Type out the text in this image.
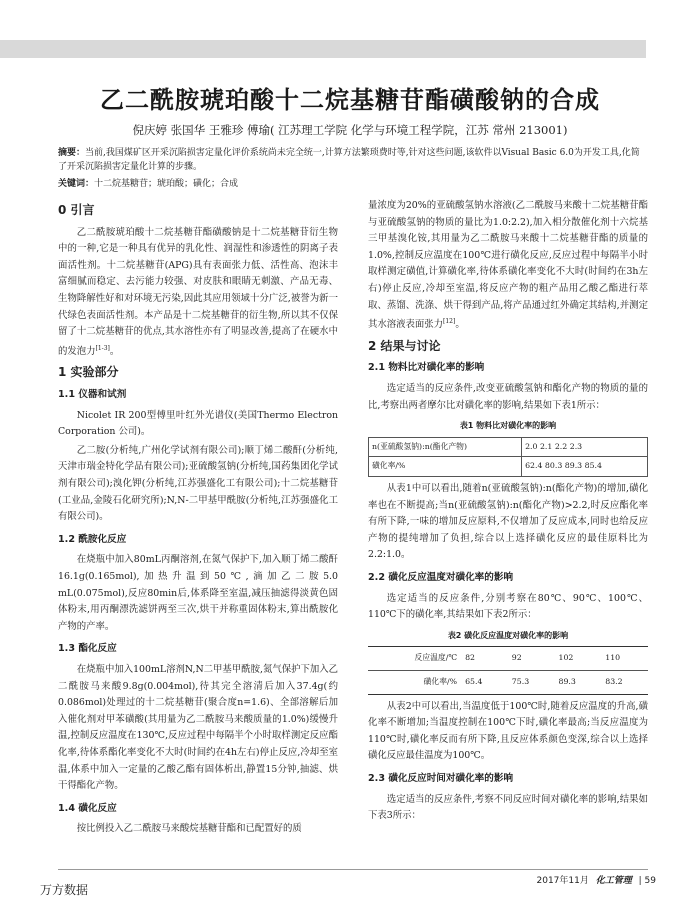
乙二酰胺琥珀酸十二烷基糖苷酯磺酸钠的合成
倪庆婷 张国华 王雅珍 傅瑜( 江苏理工学院 化学与环境工程学院，江苏 常州 213001)
摘要：当前,我国煤矿区开采沉陷损害定量化评价系统尚未完全统一,计算方法繁琐费时等,针对这些问题,该软件以Visual Basic 6.0为开发工具,化简了开采沉陷损害定量化计算的步骤。
关键词：十二烷基糖苷；琥珀酸；磺化；合成
0 引言

乙二酰胺琥珀酸十二烷基糖苷酯磺酸钠是十二烷基糖苷衍生物中的一种,它是一种具有优异的乳化性、润湿性和渗透性的阴离子表面活性剂。十二烷基糖苷(APG)具有表面张力低、活性高、泡沫丰富细腻而稳定、去污能力较强、对皮肤和眼睛无刺激、产品无毒、生物降解性好和对环境无污染,因此其应用领域十分广泛,被誉为新一代绿色表面活性剂。本产品是十二烷基糖苷的衍生物,所以其不仅保留了十二烷基糖苷的优点,其水溶性亦有了明显改善,提高了在硬水中的发泡力[1-3]。

1 实验部分
1.1 仪器和试剂

Nicolet IR 200型傅里叶红外光谱仪(美国Thermo Electron Corporation 公司)。

乙二胺(分析纯,广州化学试剂有限公司);顺丁烯二酸酐(分析纯,天津市瑞金特化学品有限公司);亚硫酸氢钠(分析纯,国药集团化学试剂有限公司);溴化钾(分析纯,江苏强盛化工有限公司);十二烷基糖苷(工业品,金陵石化研究所);N,N-二甲基甲酰胺(分析纯,江苏强盛化工有限公司)。

1.2 酰胺化反应

在烧瓶中加入80mL丙酮溶剂,在氮气保护下,加入顺丁烯二酸酐16.1g(0.165mol),加热升温到50℃,滴加乙二胺5.0 mL(0.075mol),反应80min后,体系降至室温,减压抽滤得淡黄色固体粉末,用丙酮漂洗滤饼两至三次,烘干并称重固体粉末,算出酰胺化产物的产率。

1.3 酯化反应

在烧瓶中加入100mL溶剂N,N二甲基甲酰胺,氮气保护下加入乙二酰胺马来酸9.8g(0.004mol),待其完全溶清后加入37.4g(约0.086mol)处理过的十二烷基糖苷(聚合度n=1.6)、全部溶解后加入催化剂对甲苯磺酸(其用量为乙二酰胺马来酸质量的1.0%)缓慢升温,控制反应温度在130℃,反应过程中每隔半个小时取样测定反应酯化率,待体系酯化率变化不大时(时间约在4h左右)停止反应,冷却至室温,体系中加入一定量的乙酸乙酯有固体析出,静置15分钟,抽滤、烘干得酯化产物。

1.4 磺化反应

按比例投入乙二酰胺马来酸烷基糖苷酯和已配置好的质

量浓度为20%的亚硫酸氢钠水溶液(乙二酰胺马来酸十二烷基糖苷酯与亚硫酸氢钠的物质的量比为1.0:2.2),加入相分散催化剂十六烷基三甲基溴化铵,其用量为乙二酰胺马来酸十二烷基糖苷酯的质量的1.0%,控制反应温度在100℃进行磺化反应,反应过程中每隔半小时取样测定磺值,计算磺化率,待体系磺化率变化不大时(时间约在3h左右)停止反应,冷却至室温,将反应产物的粗产品用乙酸乙酯进行萃取、蒸馏、洗涤、烘干得到产品,将产品通过红外确定其结构,并测定其水溶液表面张力[12]。

2 结果与讨论
2.1 物料比对磺化率的影响

选定适当的反应条件,改变亚硫酸氢钠和酯化产物的物质的量的比,考察出两者摩尔比对磺化率的影响,结果如下表1所示：

表1 物料比对磺化率的影响
n(亚硫酸氢钠):n(酯化产物)	2.0 2.1 2.2 2.3
磺化率/%	62.4 80.3 89.3 85.4

从表1中可以看出,随着n(亚硫酸氢钠):n(酯化产物)的增加,磺化率也在不断提高;当n(亚硫酸氢钠):n(酯化产物)>2.2,时反应酯化率有所下降,一味的增加反应原料,不仅增加了反应成本,同时也给反应产物的提纯增加了负担,综合以上选择磺化反应的最佳原料比为2.2:1.0。

2.2 磺化反应温度对磺化率的影响

选定适当的反应条件,分别考察在80℃、90℃、100℃、110℃下的磺化率,其结果如下表2所示：

表2 磺化反应温度对磺化率的影响
反应温度/℃	82	92	102	110
磺化率/%	65.4	75.3	89.3	83.2

从表2中可以看出,当温度低于100℃时,随着反应温度的升高,磺化率不断增加;当温度控制在100℃下时,磺化率最高;当反应温度为110℃时,磺化率反而有所下降,且反应体系颜色变深,综合以上选择磺化反应最佳温度为100℃。

2.3 磺化反应时间对磺化率的影响

选定适当的反应条件,考察不同反应时间对磺化率的影响,结果如下表3所示：

2017年11月 化工管理 | 59
万方数据
